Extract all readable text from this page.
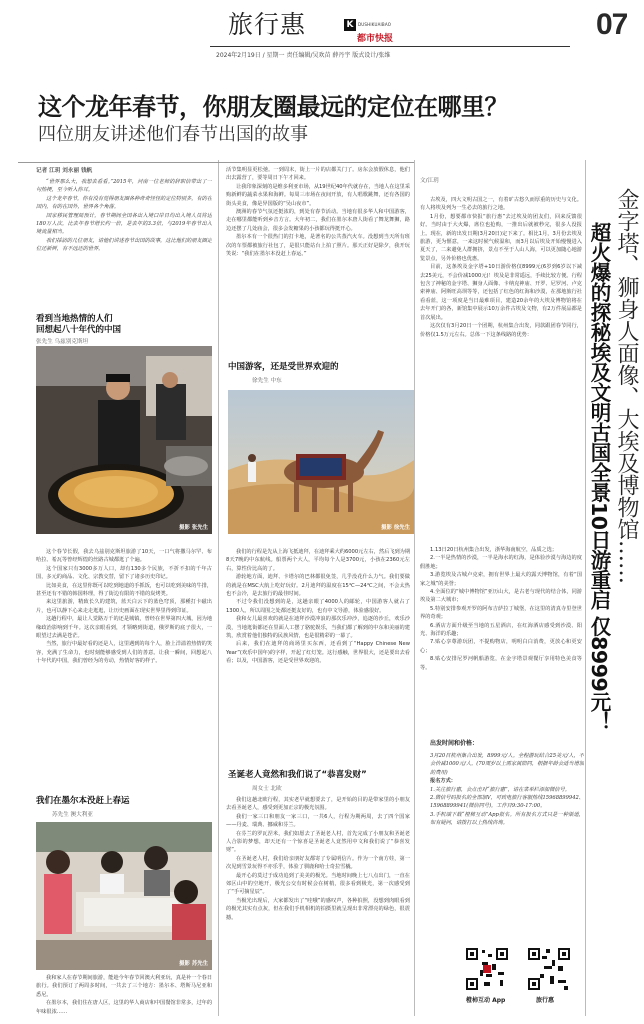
旅行惠	K	DUSHIKUAIBAO
都市快报	07
2024年2月19日 / 星期一 责任编辑/吴欢苗 薛丹宇 版式设计/张维
这个龙年春节，你朋友圈最远的定位在哪里？
四位朋友讲述他们春节出国的故事
记者 江玥 刘永丽 钱帆

“世界那么大，我想去看看。”2015年，河南一位老师的辞职信带出了一句热梗，至今听入你耳。

这个龙年春节，你有没有觉得朋友圈各种奇奇怪怪的定位特别多，有的在国内，有的在国外，世界各个角落。

国家移民管理局预计，春节期间全国各出入境口岸日均出入境人员将达180万人次，比去年春节增长约一倍，是去年的3.3倍，与2019年春节出入境流量相当。

我们採訪的几位朋友，请他们讲述春节出国的故事，这比他们的朋友圈定位还新鲜，有不远还的世界。

看到当地热情的人们
回想起八十年代的中国
张先生 乌兹别克斯坦
摄影 张先生

这个春节长假，我去乌兹别克斯坦旅游了10天，一口气将撒马尔罕、布哈拉、希瓦等曾经辉煌的丝路古城都逛了个遍。

这个国家只有3000多万人口，却有130多个民族，不折不扣的千年古国，多元的商品、文化、宗教交替，留下了诸多历史印记。

比如美食，在这里你既可以吃到地道的手抓饭，也可以吃到美味的牛排，甚至还有不错的韩国料理，得了街边有限的不错的炭烤类。

来这里旅游，精致长久的建筑，蓝天白云下的蓝色穹顶，那種打卡磁出片，也可以静下心来走走逛逛，让历史画面在现实世界里得到印证。

这趟行程中，最让人觉路万千的还是城镇，曾经在世界第四大城，因为地缘政治影响到千年。这次亲眼看到，才领略到街道，俄罗斯的底子很大，一眼望过去满是苍茫。

当然，旅行中最好看的还是人，这里遇到的每个人，脸上洋溢着热情的笑容，充满了生命力，也时刻能够感受到人们的善意。让我一瞬间，回想起八十年代的中国，我们曾经为的劳动，热情好客的样子。

我们在墨尔本没赶上春运
苏先生 澳大利亚
摄影 苏先生

我和家人在春节期间旅游，能趁今年春节回澳大利亚玩，真是补一个春日旅行。我们预订了两周多时间，一共去了三个地方：墨尔本、塔斯马尼亚和悉尼。

在墨尔本，我们住在唐人区，这里的华人商店和中国餐馆非常多，过年的年味很浓……

活节集明显更松弛。一到周末，街上一片的店都关门了。房东会放假休息，他们出去露营了，要等周日下午才回来。

让我印象深刻的是维多利亚市场，从19世纪40年代就存在，当地人在这里采购新鲜的蔬菜水果和海鲜。每周三市场在夜间开放，有人唱歌跳舞，还有各国的街头美食，像是异国版的“吴山夜市”。

澳洲的春节气氛还挺浓的，到处有春节活动。当地有很多华人和中国游客，走在哪里都能听到乡音方言。大年初二，我们在墨尔本唐人街看了舞龙舞狮，路边还摆了几处庙会，很多会发糖果的小孩都玩得挺开心。

墨尔本有一个很热门的打卡地，是著名的公共蒸汽火车。没想到当天所有班次的车票都被旅行社包了，是很只能站台上拍了照片。那天正好是除夕，我开玩笑说：“我们在墨尔本没赶上春运。”

中国游客，还是受世界欢迎的
徐先生 中东
摄影 徐先生

我们的行程是先从上海飞抵迪拜，在迪拜乘大约6000元左右，然后飞到为期8天7晚的中东航线。船票两个大人，平均每个人是3700元，小孩在2360元左右，算性价比高的了。

游轮地方面，迪拜、卡塔尔的巴林都很免签，几乎没花什么力气。我们要做的就是在MSC大航上吃好玩好。2月迪拜的温度在15℃—24℃之间，不会太热也不会冷，是去旅行的最佳时间。

不过令我们没想到的是，这趟亲眼了4000人的邮轮，中国游客人就占了1300人。所以周围之处都还挺友好的，也有中文导游，体验感很好。

我和女儿最喜欢的就是在迪拜沙漠冲浪的那次乐冲沙，追逐的沙丘，欢乐沙漠，当地逛街都还在里面人工摆了骆驼娱乐，当我们都了解到的中东和美丽的建筑，欣赏着他们独特的民族风情，也是很精彩的一幕了。

后来，我们在迪拜的商场里买东西，还看到了“Happy Chinese New Year”(欢乐中国年)的字样，开起了红灯笼。这行感触，世界很大，还是要出去看看；以及，中国游客，还是受世界欢迎的。

圣诞老人竟然和我们说了“恭喜发财”
周女士 北欧

我们这趟北欧行程，其实老早就想要去了，是开始的目的是带家里的小朋友去看圣诞老人，感受到更加正宗的极光氛围。

我们一家三口和朋友一家三口，一共6人，行程为期两周，去了四个国家——丹麦、瑞典、挪威和芬兰。

在芬兰的罗瓦涅米，我们如愿去了圣诞老人村，首先完成了小朋友和圣诞老人合影的梦想，却天还有一个惊喜是圣诞老人竟然用中文和我们说了“恭喜发财”。

在圣诞老人村，我们给亲朋好友都寄了专属明信片。作为一个南方娃，第一次见到雪景玩得不亦乐乎，体验了驯鹿和哈士奇拉雪橇。

最开心的莫过于成功追到了美美的极光。当地时间晚上七八点出门，一直在郊区山中的空地开，极光公交有时候会在树梢，很多看到极光，第一次感受到了“手可摘星辰”。

当极光出现后，大家都发出了“哇哦”的感叹声，各种拍照，没想到肉眼看到的极光其实有点灰，但在我们手机相机的拍摄里就呈现出非常漂亮的绿色，很震撼。

文/江玥

古埃及，四大文明古国之一，有着旷古悠久而厚重的历史与文化。有人将埃及列为一生必去的旅行之地。

1月份，想要都市快报“旅行惠”去过埃及的团友们，回来反馈很好。当时由于大火爆，席位也抢购，一推出后就被秒完，很多人没报上。现在，新的出发日期(3月20日)定下来了。相比1月，3月份去埃及旅游，更为惬意，一来这时候气候温和，而3月以后埃及开始慢慢进入夏天了，二来避免人群拥挤，景点不至于人山人海，可以更加随心地游览景点，另外价格也优惠。

目前，这条埃及金字塔+10日游价格仅8999元(6岁到6岁以下减去25美元，不会价减1000元)！埃及是非常遥远，手续比较方便。行程包含了神秘的金字塔、狮身人面像、卡纳克神庙、开罗、尼罗河、卢克索神庙、阿斯旺高坝等等，还包括了红色的红海和沙漠，在那地旅行社看看蓝，这一项度是当日最难项目，建造20余年的大埃及博物馆将在去年开门的各，新馆集中展示10万余件古埃及文物，有2万件展品都是首次展出。

这次仅有3月20日一个团期，杭州集合出发，同款跟团春节同行，价格仅1.5万元左右。总体一下这条线路的优势：

1.13日20日杭州集合出发，浙华海南航空，品质之选；

2.一半是热情的沙漠，一半是海水的红海，是体验沙漠与海边的度假胜地；

3.游览埃及古城卢克索，拥有世界上最大的露天博物馆，有着“国家之城”的美誉；

4.全面位的“城中博物馆”亚历山大，是古老与现代的结合体，同游埃及第二大城市；

5.特别安排参观开罗的阿布吉萨拉丁城堡，在这里的清真寺里登世界的奇观；

6.酒店方面升级至当地的五星酒店，在红海酒店感受到沙漠、阳光、海洋的乐趣；

7.贴心享尊游玩团，不提购物店，明明白白消费，更放心和更安心；

8.贴心安排尼罗河帆船游览，在金字塔景观餐厅享用特色美食等等。

出发时间和价格：

3月20日杭州集合出发，8999元/人。全程游玩结合25美元/人，不会价减1000元/人。(70周岁以上需家属陪同，根据年龄会适当增加的费用)

报名方式：

1.关注旅行惠，会点击对“旅行惠”，请在菜单栏添加微信号。

2.微信号码报名的全部加V，可致电旅行客服热线15968899942、15968899941(微信同号)，工作日9:30-17:00。

3.手机端下载“橙柿互动”App报名。所有报名方式只是一种渠道，如有疑问，请拨打以上热线咨询。

橙柿互动 App	旅行惠
金字塔、狮身人面像、大埃及博物馆……
超火爆的探秘埃及文明古国全景10日游重启 仅8999元！
